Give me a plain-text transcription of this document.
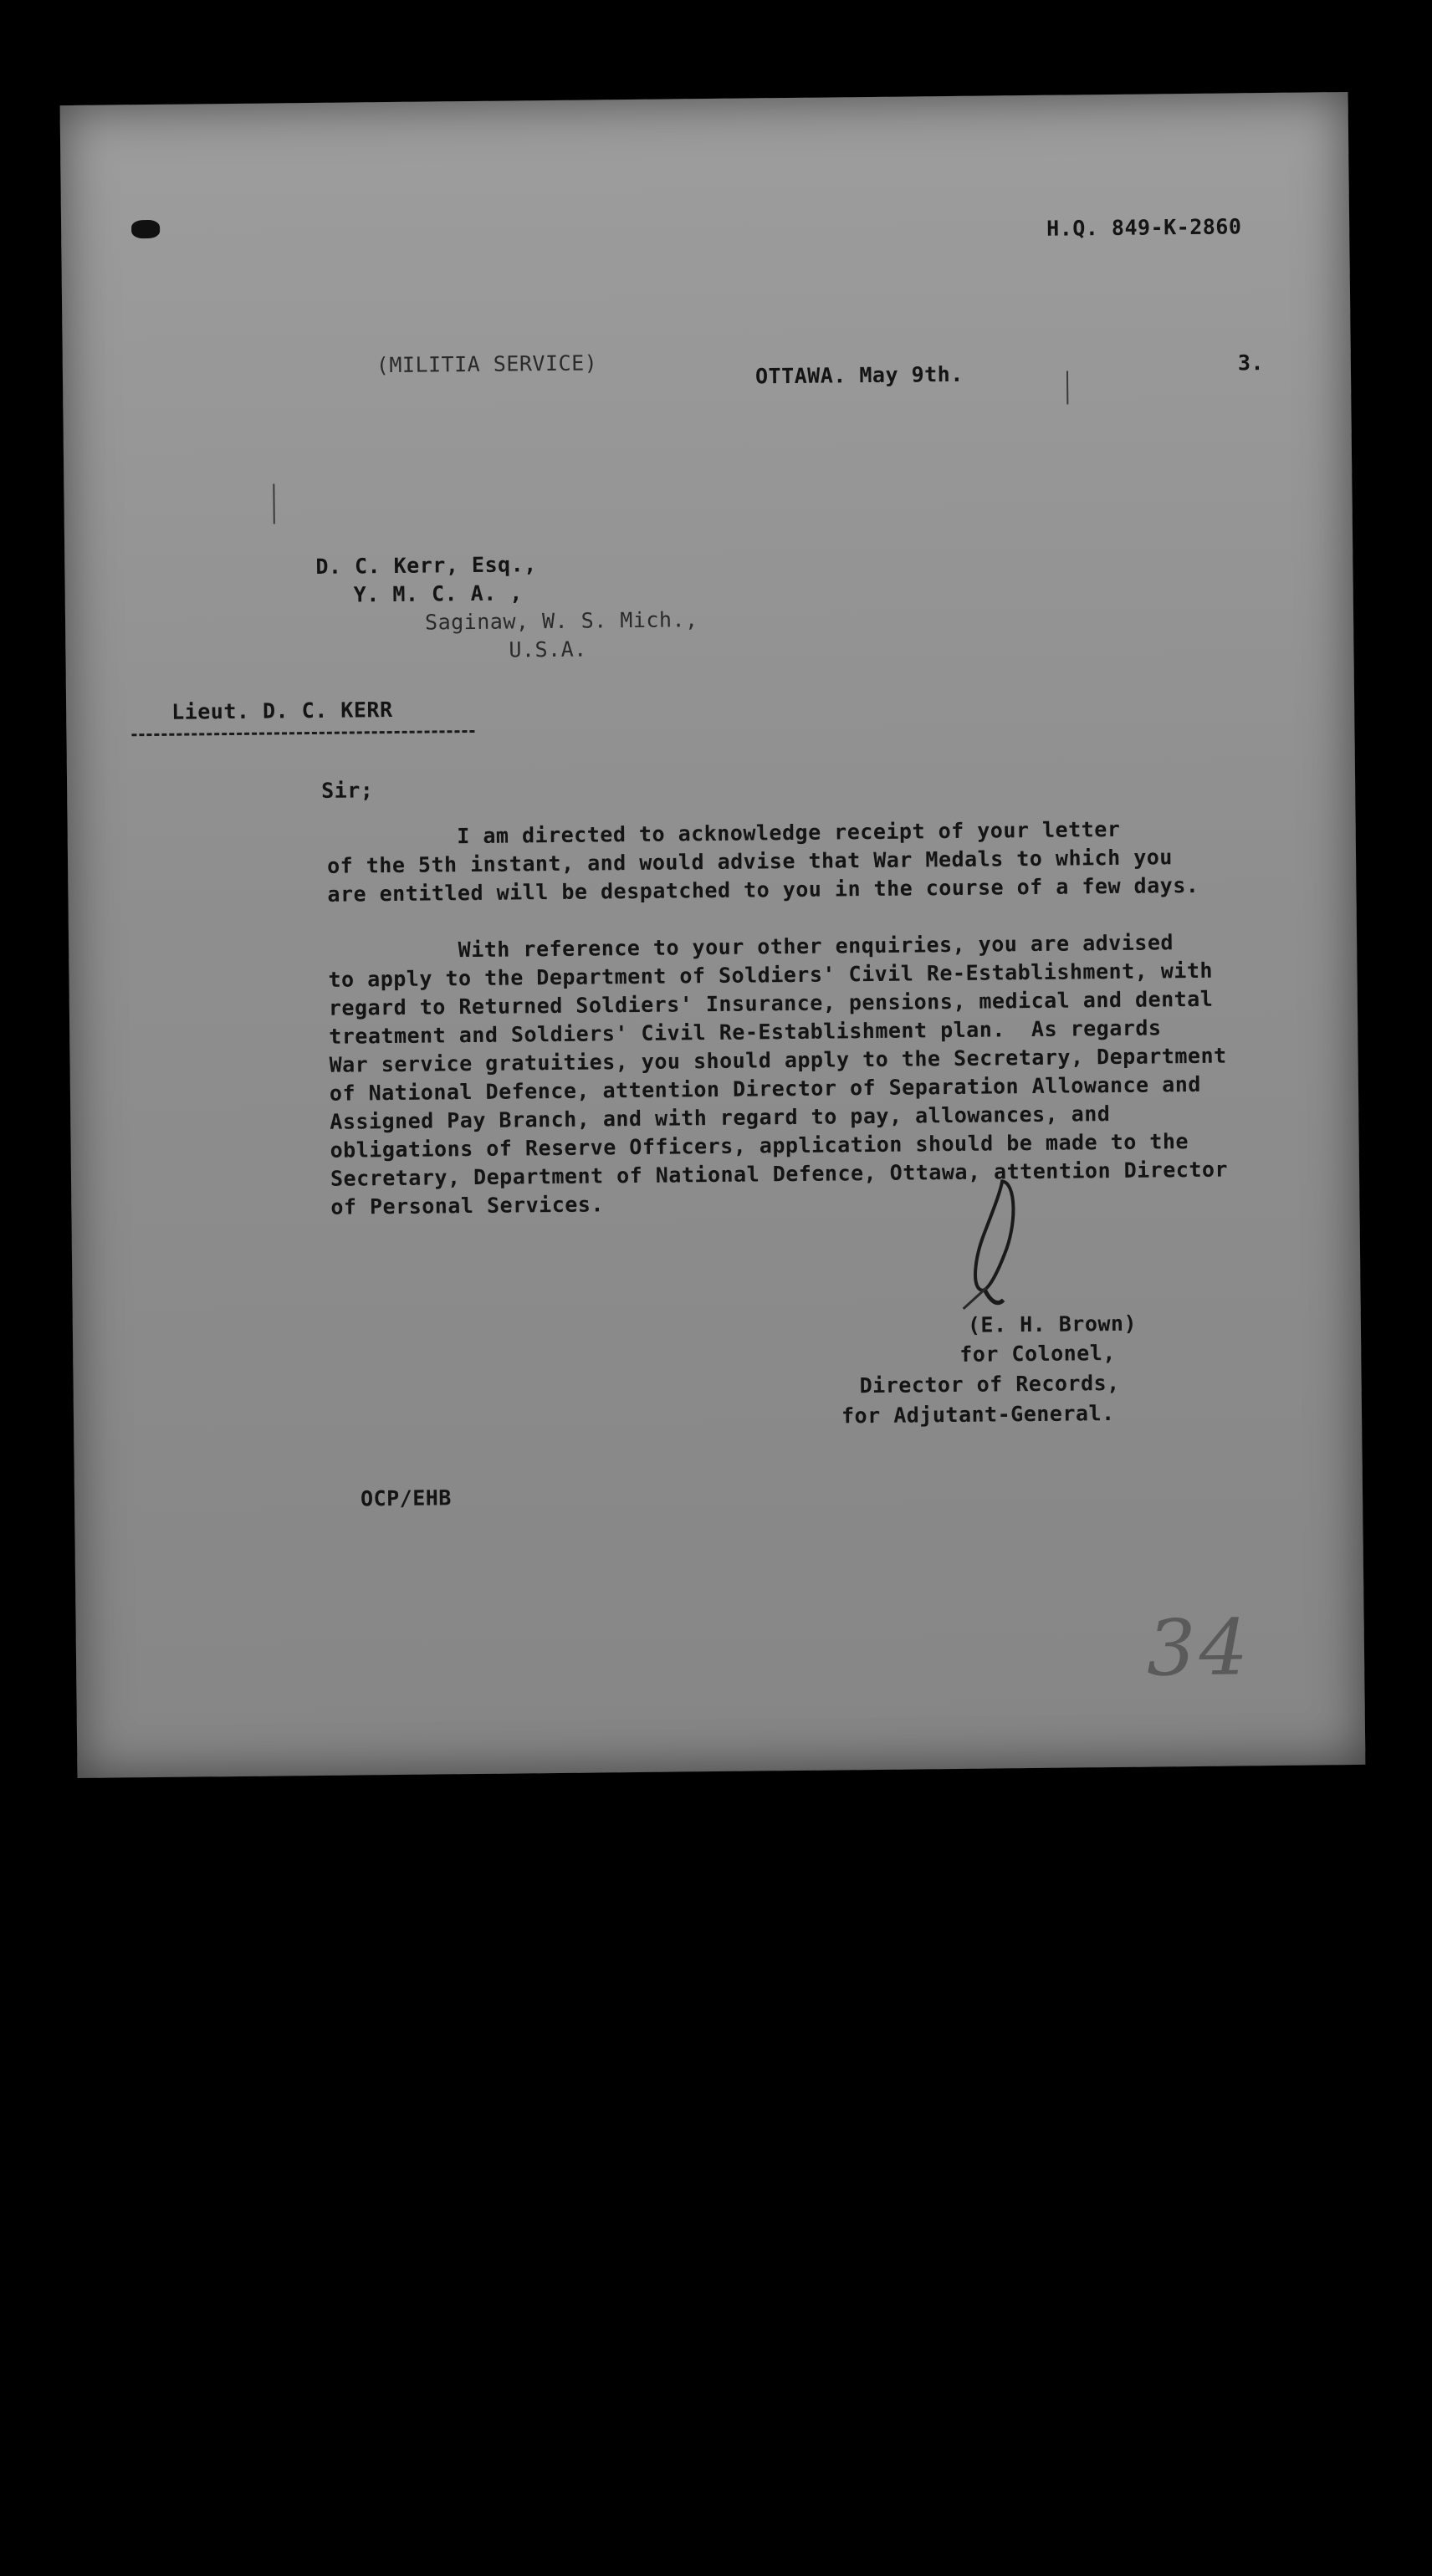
H.Q. 849-K-2860
(MILITIA SERVICE)	OTTAWA. May 9th.	3.
D. C. Kerr, Esq.,
Y. M. C. A. ,
Saginaw, W. S. Mich.,
U.S.A.
Lieut. D. C. KERR
Sir;
I am directed to acknowledge receipt of your letter
of the 5th instant, and would advise that War Medals to which you
are entitled will be despatched to you in the course of a few days.
With reference to your other enquiries, you are advised
to apply to the Department of Soldiers' Civil Re-Establishment, with
regard to Returned Soldiers' Insurance, pensions, medical and dental
treatment and Soldiers' Civil Re-Establishment plan.  As regards
War service gratuities, you should apply to the Secretary, Department
of National Defence, attention Director of Separation Allowance and
Assigned Pay Branch, and with regard to pay, allowances, and
obligations of Reserve Officers, application should be made to the
Secretary, Department of National Defence, Ottawa, attention Director
of Personal Services.
(E. H. Brown)
for Colonel,
Director of Records,
for Adjutant-General.
OCP/EHB
34
